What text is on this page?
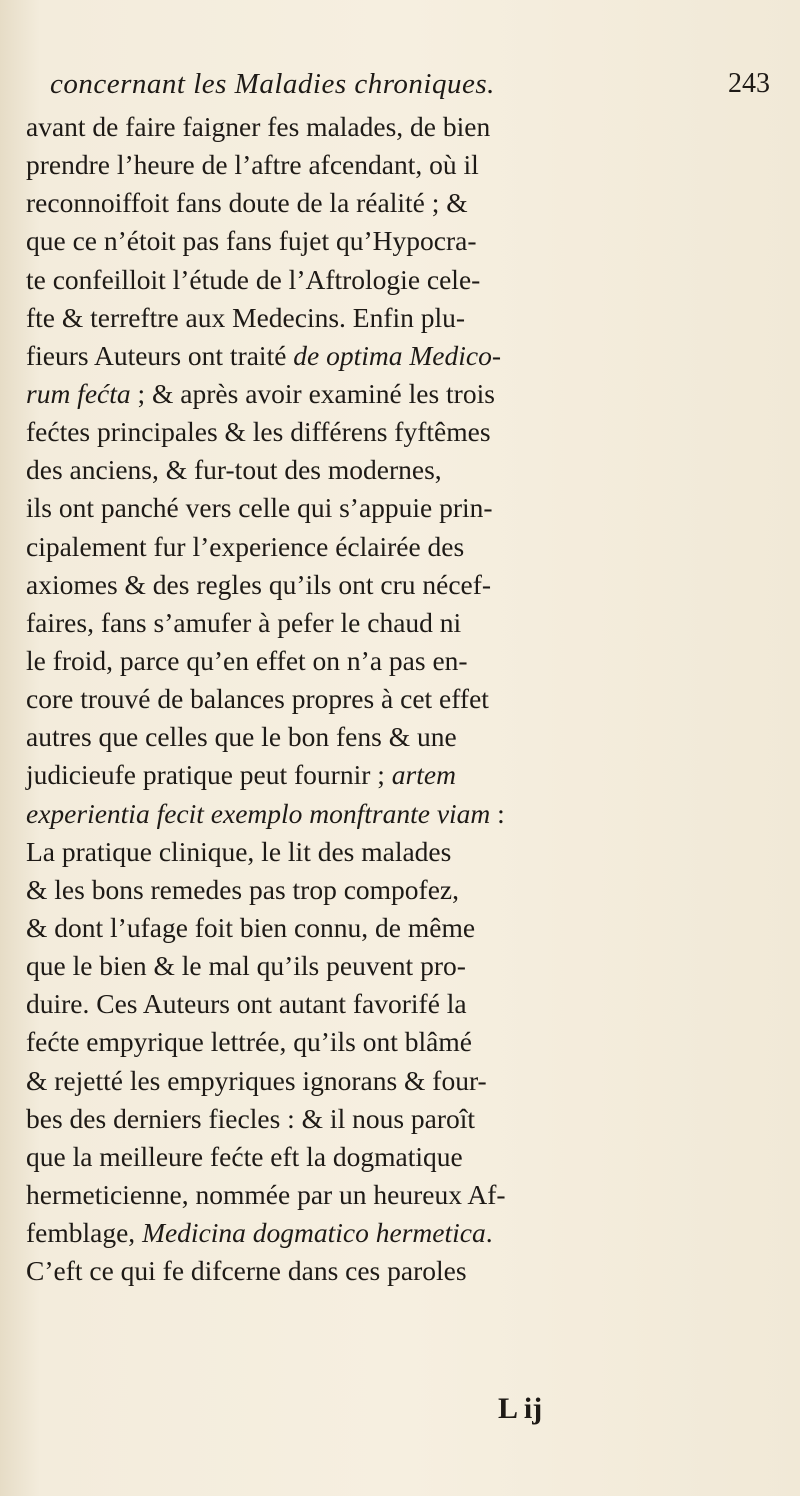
concernant les Maladies chroniques.	243
avant de faire faigner fes malades, de bien
prendre l’heure de l’aftre afcendant, où il
reconnoiffoit fans doute de la réalité ; &
que ce n’étoit pas fans fujet qu’Hypocra-
te confeilloit l’étude de l’Aftrologie cele-
fte & terreftre aux Medecins. Enfin plu-
fieurs Auteurs ont traité de optima Medico-
rum fećta ; & après avoir examiné les trois
fećtes principales & les différens fyftêmes
des anciens, & fur-tout des modernes,
ils ont panché vers celle qui s’appuie prin-
cipalement fur l’experience éclairée des
axiomes & des regles qu’ils ont cru nécef-
faires, fans s’amufer à pefer le chaud ni
le froid, parce qu’en effet on n’a pas en-
core trouvé de balances propres à cet effet
autres que celles que le bon fens & une
judicieufe pratique peut fournir ; artem
experientia fecit exemplo monftrante viam :
La pratique clinique, le lit des malades
& les bons remedes pas trop compofez,
& dont l’ufage foit bien connu, de même
que le bien & le mal qu’ils peuvent pro-
duire. Ces Auteurs ont autant favorifé la
fećte empyrique lettrée, qu’ils ont blâmé
& rejetté les empyriques ignorans & four-
bes des derniers fiecles : & il nous paroît
que la meilleure fećte eft la dogmatique
hermeticienne, nommée par un heureux Af-
femblage, Medicina dogmatico hermetica.
C’eft ce qui fe difcerne dans ces paroles
L ij
